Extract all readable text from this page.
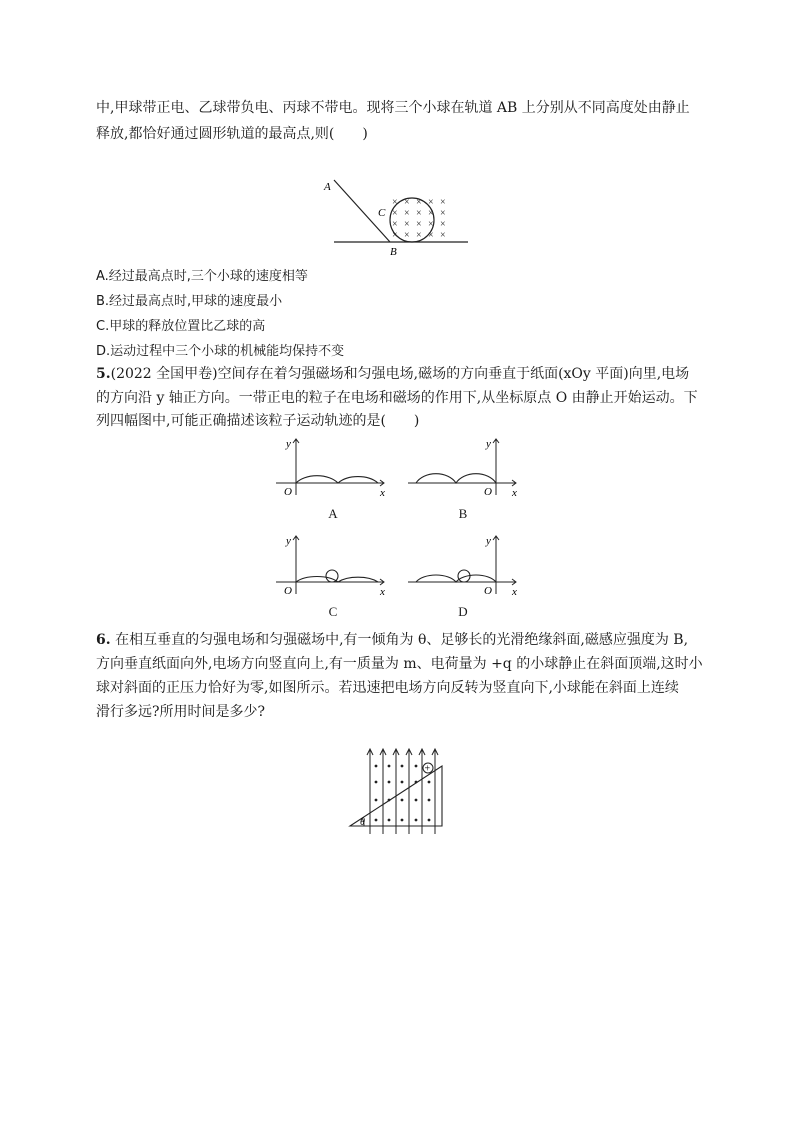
中,甲球带正电、乙球带负电、丙球不带电。现将三个小球在轨道 AB 上分别从不同高度处由静止
释放,都恰好通过圆形轨道的最高点,则(　　)
× × × × ×
× × × × ×
× × × × ×
× × × × ×
A
C
B
A.经过最高点时,三个小球的速度相等
B.经过最高点时,甲球的速度最小
C.甲球的释放位置比乙球的高
D.运动过程中三个小球的机械能均保持不变
5.(2022 全国甲卷)空间存在着匀强磁场和匀强电场,磁场的方向垂直于纸面(xOy 平面)向里,电场
的方向沿 y 轴正方向。一带正电的粒子在电场和磁场的作用下,从坐标原点 O 由静止开始运动。下
列四幅图中,可能正确描述该粒子运动轨迹的是(　　)
y
x
O
A
y
x
O
B
y
x
O
C
y
x
O
D
6. 在相互垂直的匀强电场和匀强磁场中,有一倾角为 θ、足够长的光滑绝缘斜面,磁感应强度为 B,
方向垂直纸面向外,电场方向竖直向上,有一质量为 m、电荷量为 +q 的小球静止在斜面顶端,这时小
球对斜面的正压力恰好为零,如图所示。若迅速把电场方向反转为竖直向下,小球能在斜面上连续
滑行多远?所用时间是多少?
θ
+
